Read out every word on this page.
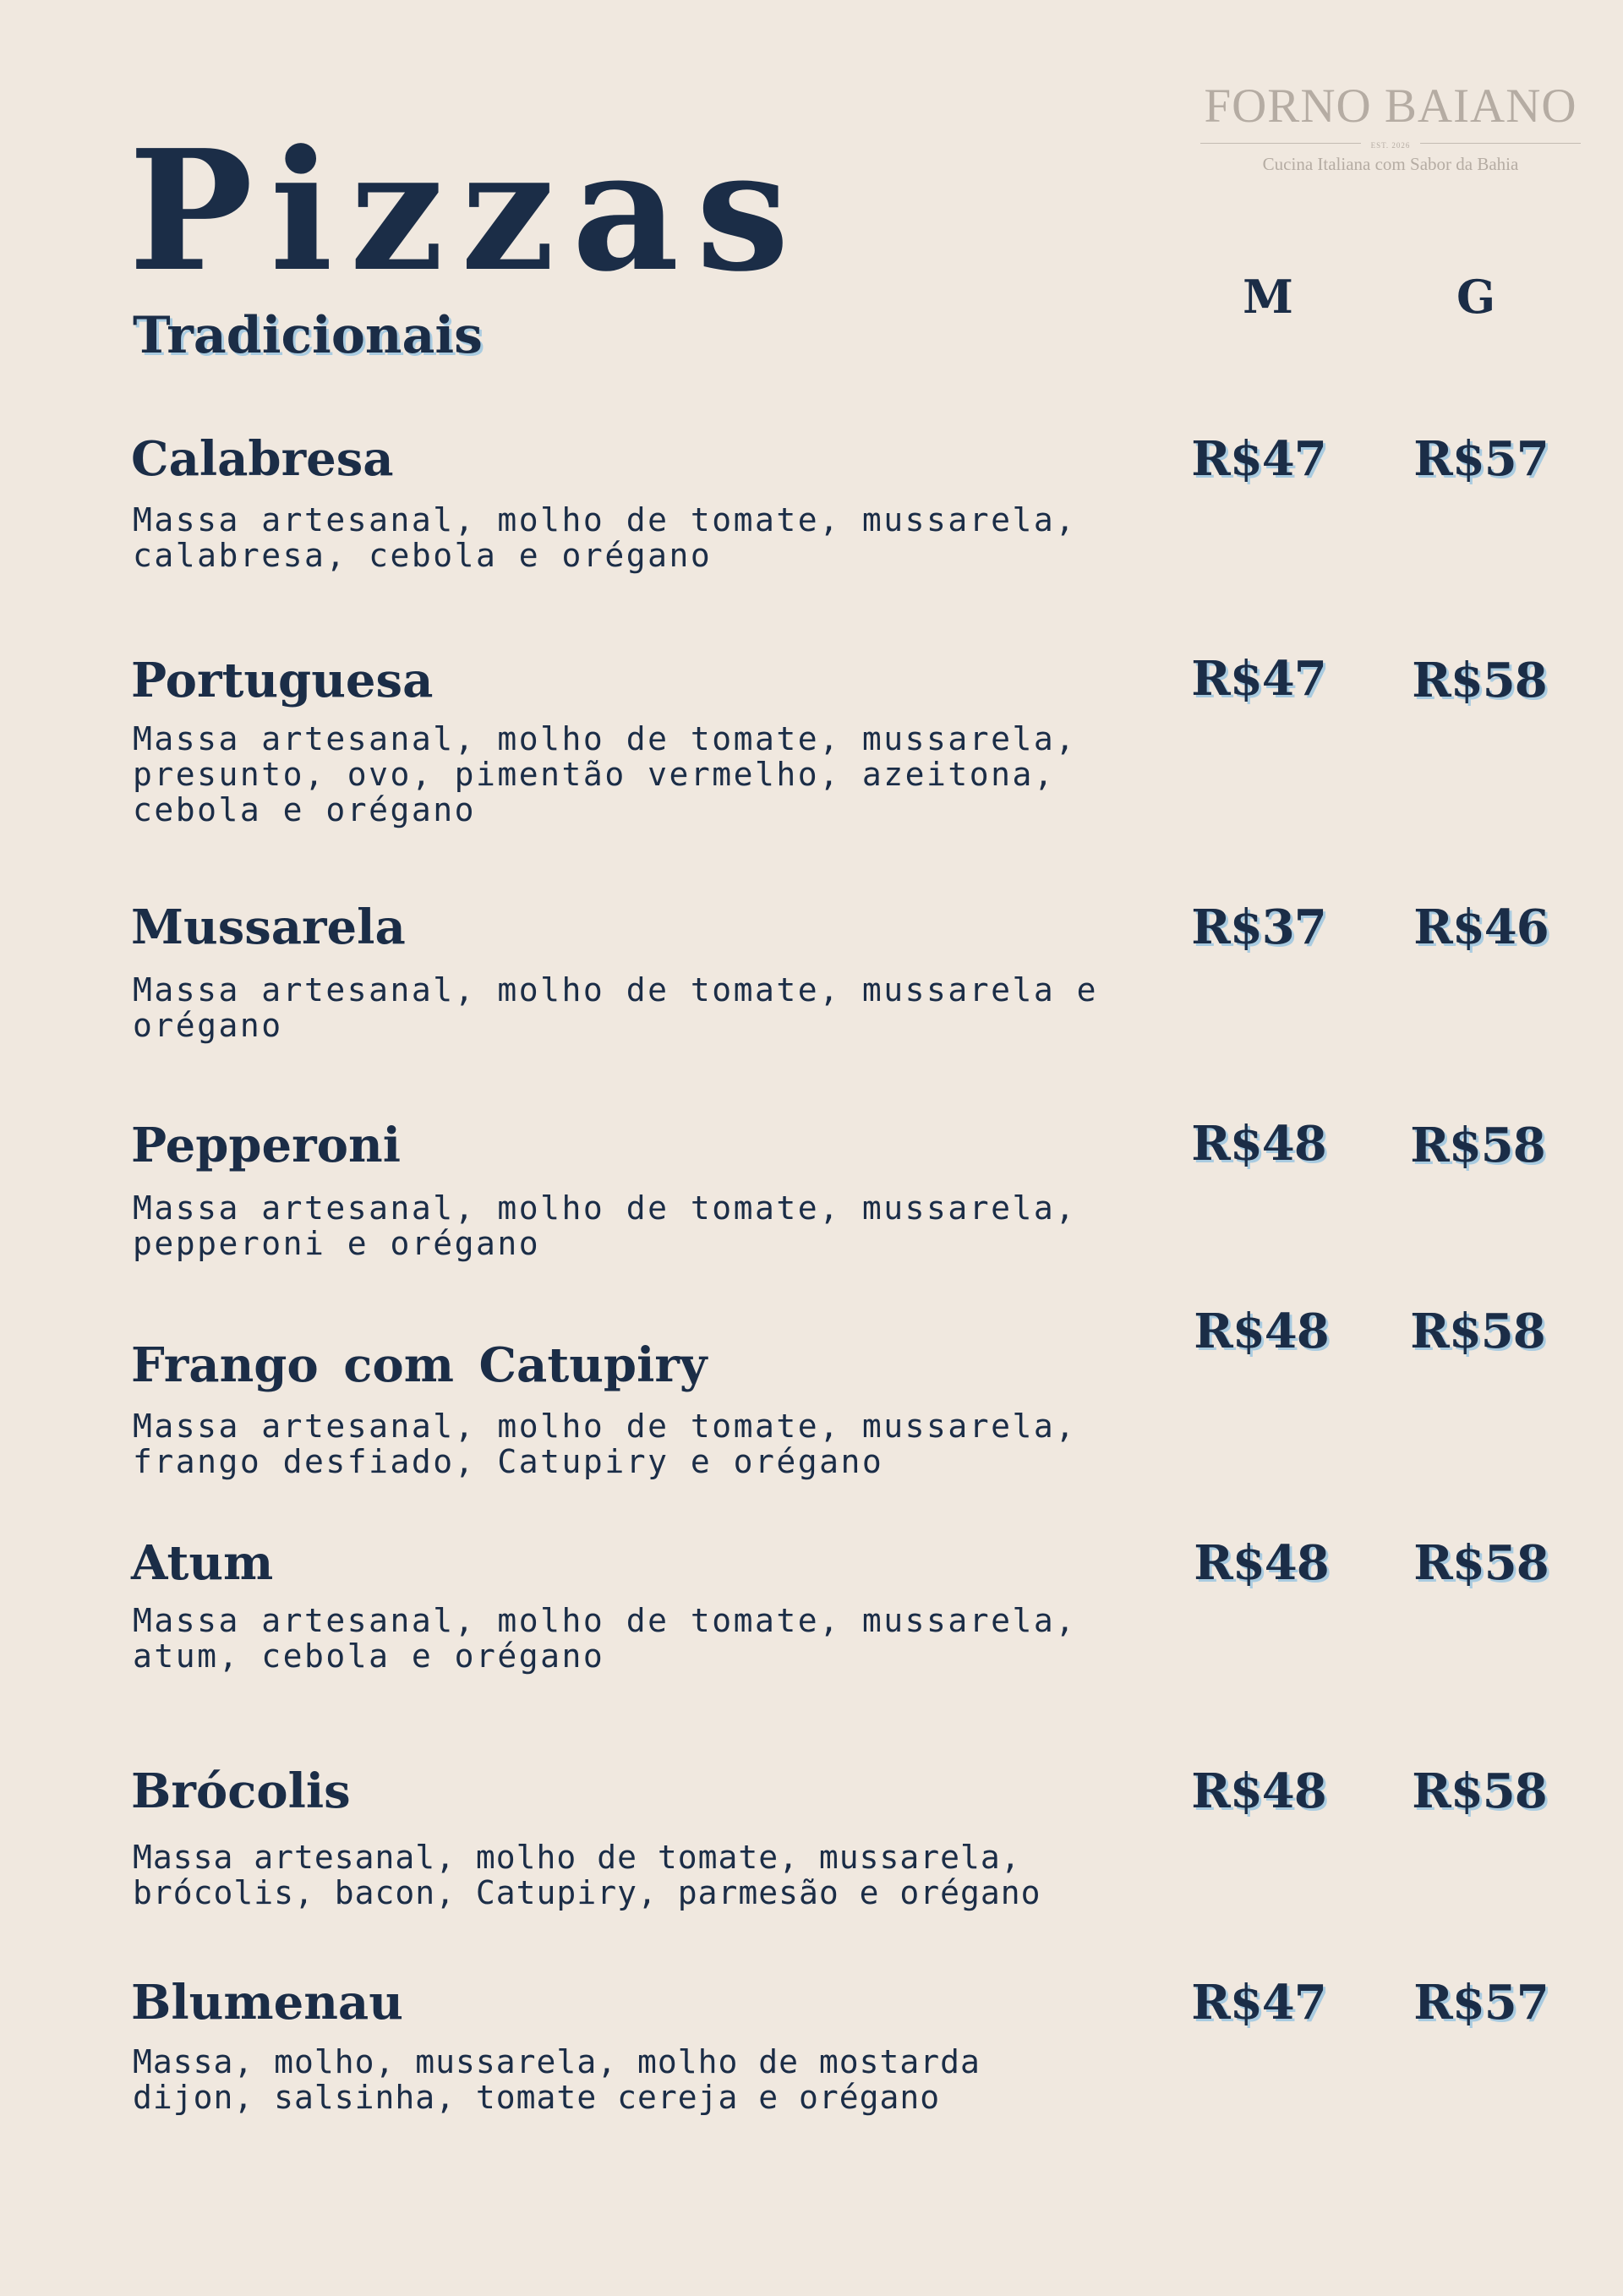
FORNO BAIANO
EST. 2026
Cucina Italiana com Sabor da Bahia
Pizzas
Tradicionais
M	G
Calabresa
Massa artesanal, molho de tomate, mussarela,
calabresa, cebola e orégano
R$47	R$57
Portuguesa
Massa artesanal, molho de tomate, mussarela,
presunto, ovo, pimentão vermelho, azeitona,
cebola e orégano
R$47	R$58
Mussarela
Massa artesanal, molho de tomate, mussarela e
orégano
R$37	R$46
Pepperoni
Massa artesanal, molho de tomate, mussarela,
pepperoni e orégano
R$48	R$58
Frango com Catupiry
Massa artesanal, molho de tomate, mussarela,
frango desfiado, Catupiry e orégano
R$48	R$58
Atum
Massa artesanal, molho de tomate, mussarela,
atum, cebola e orégano
R$48	R$58
Brócolis
Massa artesanal, molho de tomate, mussarela,
brócolis, bacon, Catupiry, parmesão e orégano
R$48	R$58
Blumenau
Massa, molho, mussarela, molho de mostarda
dijon, salsinha, tomate cereja e orégano
R$47	R$57
